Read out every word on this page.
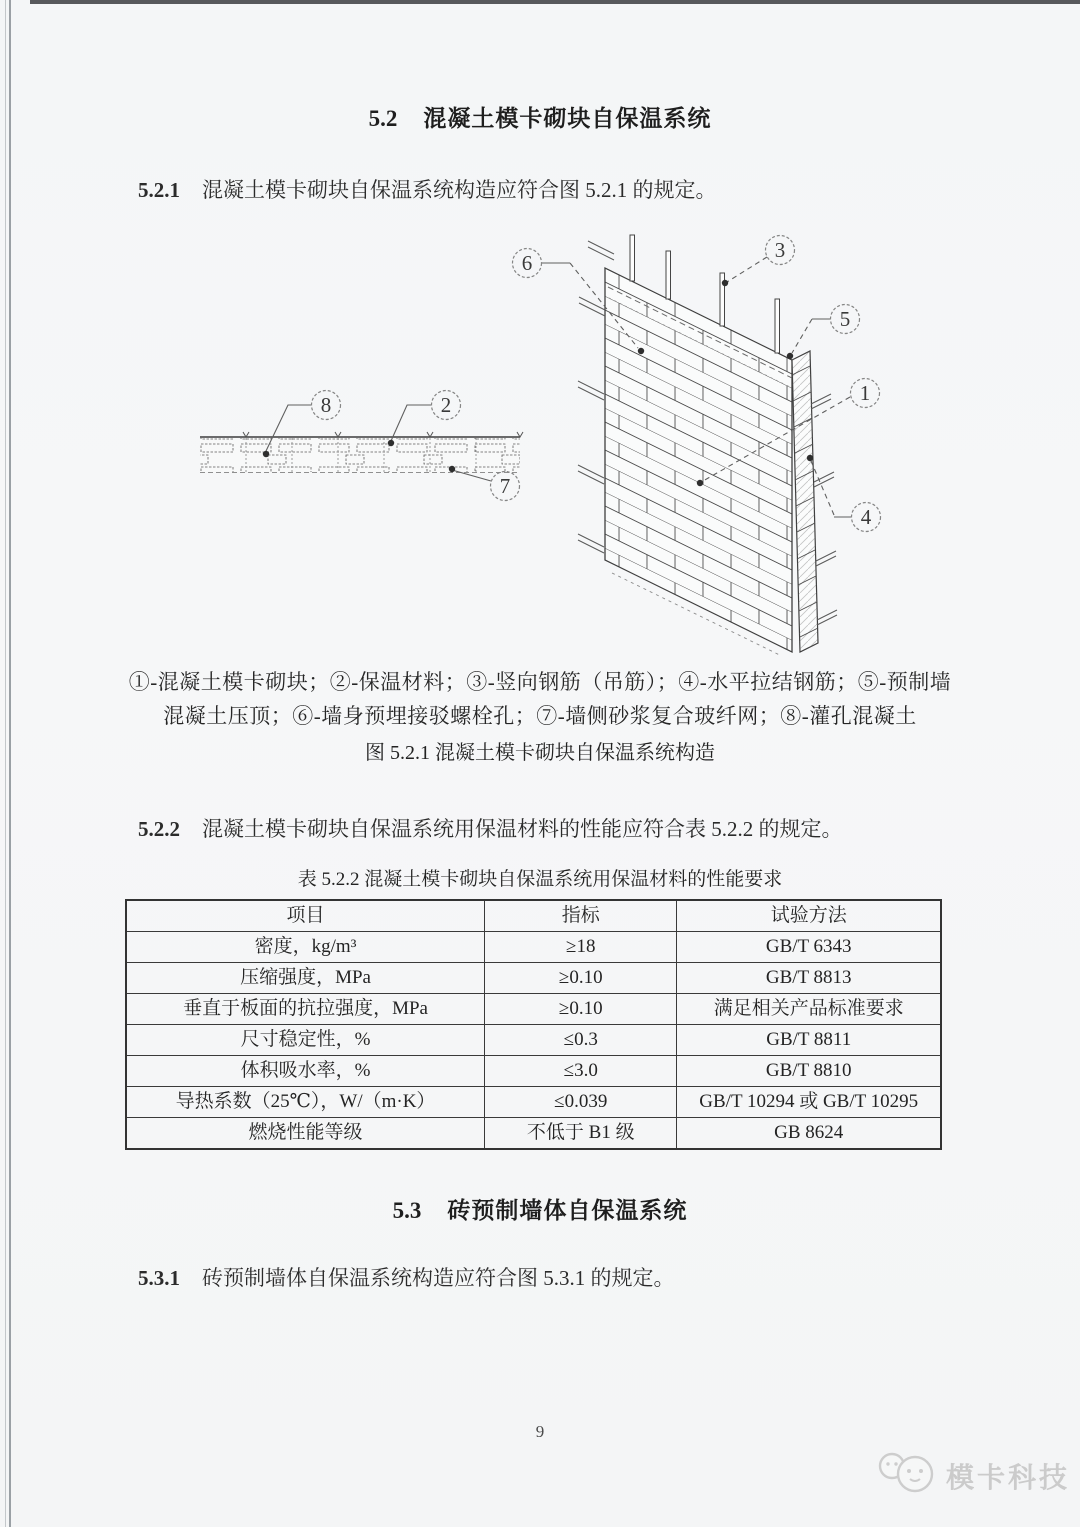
5.2 混凝土模卡砌块自保温系统
5.2.1 混凝土模卡砌块自保温系统构造应符合图 5.2.1 的规定。
8	2
7
6
3
5
1
4
①-混凝土模卡砌块；②-保温材料；③-竖向钢筋（吊筋）；④-水平拉结钢筋；⑤-预制墙
混凝土压顶；⑥-墙身预埋接驳螺栓孔；⑦-墙侧砂浆复合玻纤网；⑧-灌孔混凝土
图 5.2.1 混凝土模卡砌块自保温系统构造
5.2.2 混凝土模卡砌块自保温系统用保温材料的性能应符合表 5.2.2 的规定。
表 5.2.2 混凝土模卡砌块自保温系统用保温材料的性能要求
项目	指标	试验方法
密度，kg/m³	≥18	GB/T 6343
压缩强度，MPa	≥0.10	GB/T 8813
垂直于板面的抗拉强度，MPa	≥0.10	满足相关产品标准要求
尺寸稳定性，%	≤0.3	GB/T 8811
体积吸水率，%	≤3.0	GB/T 8810
导热系数（25℃），W/（m·K）	≤0.039	GB/T 10294 或 GB/T 10295
燃烧性能等级	不低于 B1 级	GB 8624
5.3 砖预制墙体自保温系统
5.3.1 砖预制墙体自保温系统构造应符合图 5.3.1 的规定。
9
模卡科技
